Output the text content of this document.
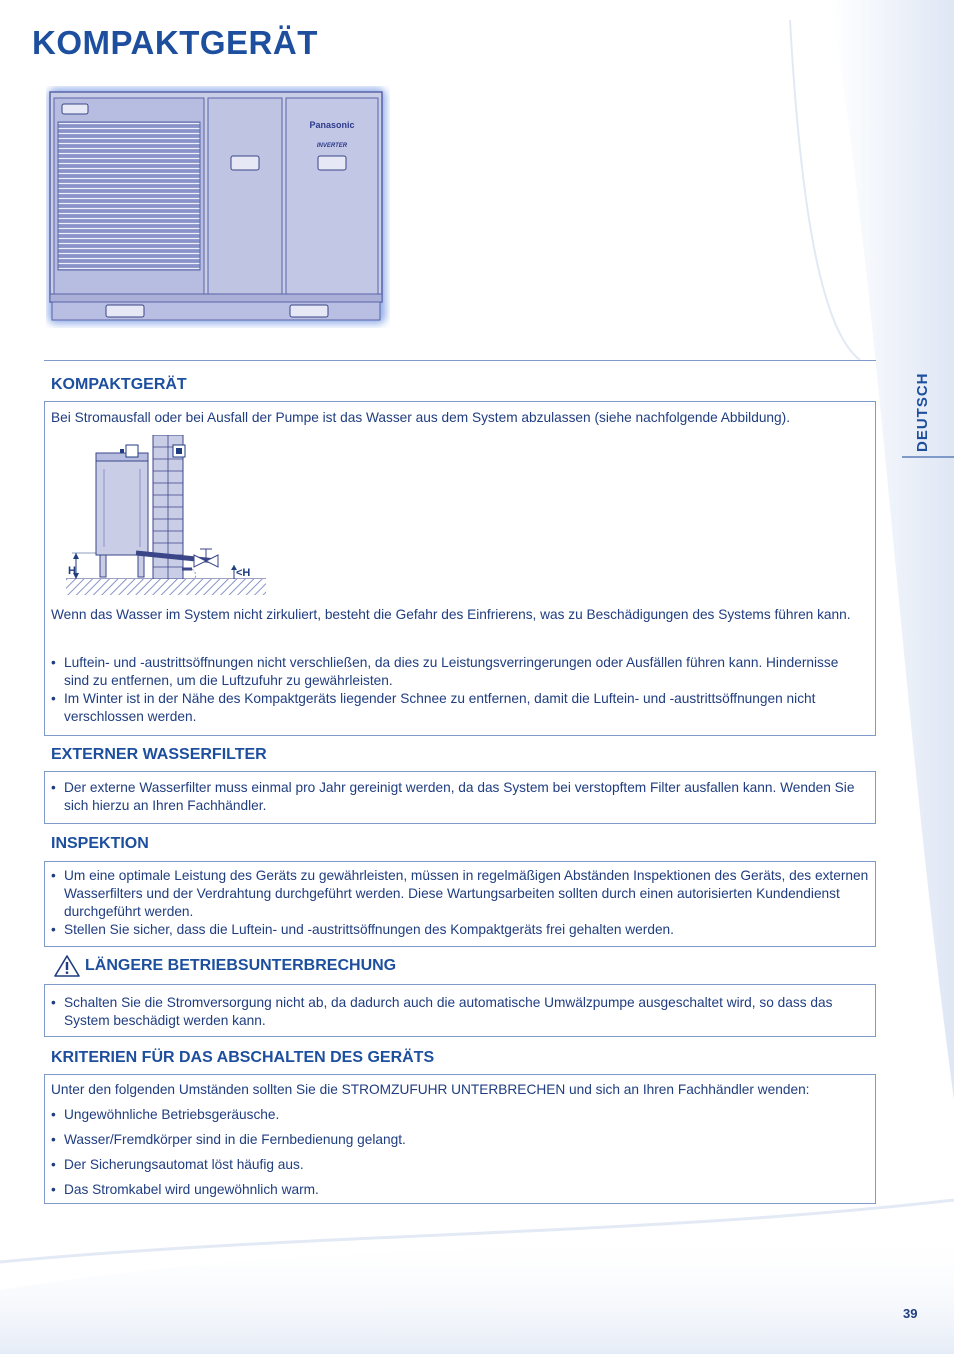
KOMPAKTGERÄT
Panasonic
INVERTER
DEUTSCH
KOMPAKTGERÄT

Bei Stromausfall oder bei Ausfall der Pumpe ist das Wasser aus dem System abzulassen (siehe nachfolgende Abbildung).

H	<H

Wenn das Wasser im System nicht zirkuliert, besteht die Gefahr des Einfrierens, was zu Beschädigungen des Systems führen kann.

• Luftein- und -austrittsöffnungen nicht verschließen, da dies zu Leistungsverringerungen oder Ausfällen führen kann. Hindernisse sind zu entfernen, um die Luftzufuhr zu gewährleisten.
• Im Winter ist in der Nähe des Kompaktgeräts liegender Schnee zu entfernen, damit die Luftein- und -austrittsöffnungen nicht verschlossen werden.
EXTERNER WASSERFILTER
• Der externe Wasserfilter muss einmal pro Jahr gereinigt werden, da das System bei verstopftem Filter ausfallen kann. Wenden Sie sich hierzu an Ihren Fachhändler.
INSPEKTION
• Um eine optimale Leistung des Geräts zu gewährleisten, müssen in regelmäßigen Abständen Inspektionen des Geräts, des externen Wasserfilters und der Verdrahtung durchgeführt werden. Diese Wartungsarbeiten sollten durch einen autorisierten Kundendienst durchgeführt werden.
• Stellen Sie sicher, dass die Luftein- und -austrittsöffnungen des Kompaktgeräts frei gehalten werden.
LÄNGERE BETRIEBSUNTERBRECHUNG
• Schalten Sie die Stromversorgung nicht ab, da dadurch auch die automatische Umwälzpumpe ausgeschaltet wird, so dass das System beschädigt werden kann.
KRITERIEN FÜR DAS ABSCHALTEN DES GERÄTS

Unter den folgenden Umständen sollten Sie die STROMZUFUHR UNTERBRECHEN und sich an Ihren Fachhändler wenden:

• Ungewöhnliche Betriebsgeräusche.
• Wasser/Fremdkörper sind in die Fernbedienung gelangt.
• Der Sicherungsautomat löst häufig aus.
• Das Stromkabel wird ungewöhnlich warm.
39
